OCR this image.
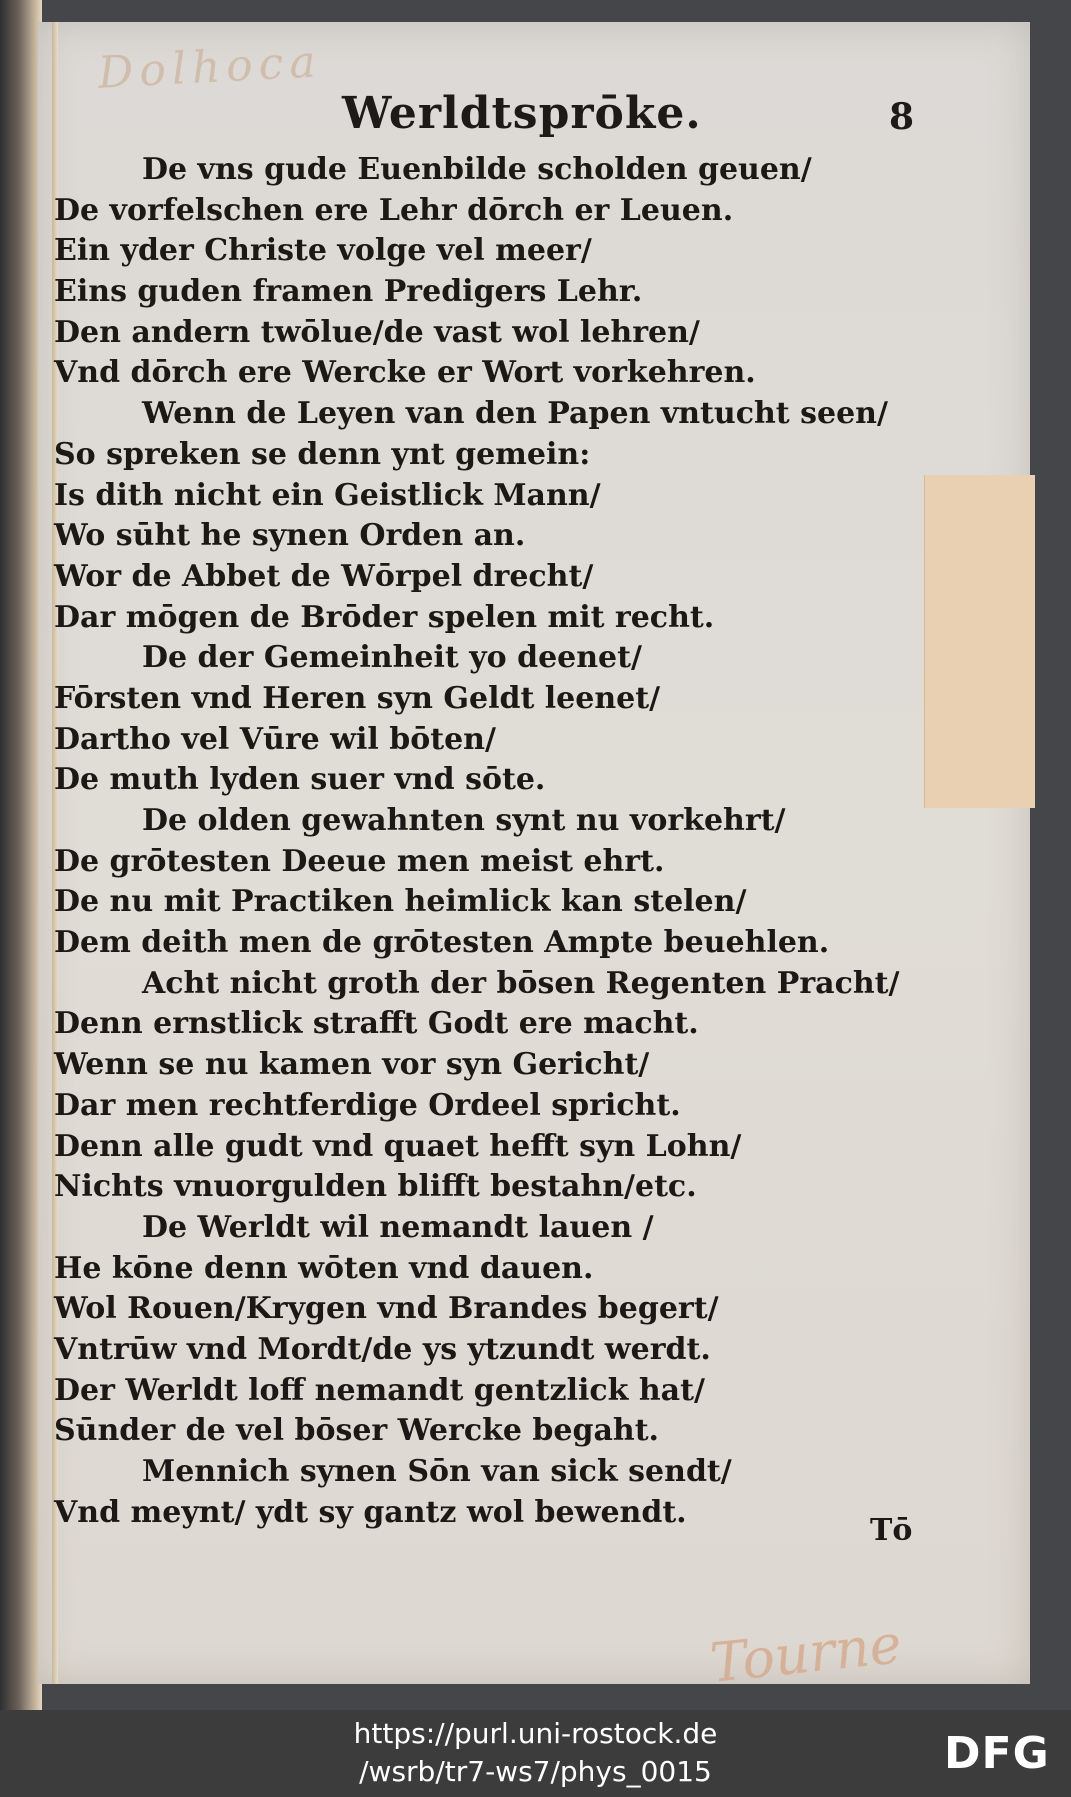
Dolhoca
Tourne
Werldtsprōke.	8
De vns gude Euenbilde scholden geuen/
De vorfelschen ere Lehr dōrch er Leuen.
Ein yder Christe volge vel meer/
Eins guden framen Predigers Lehr.
Den andern twōlue/de vast wol lehren/
Vnd dōrch ere Wercke er Wort vorkehren.
Wenn de Leyen van den Papen vntucht seen/
So spreken se denn ynt gemein:
Is dith nicht ein Geistlick Mann/
Wo sūht he synen Orden an.
Wor de Abbet de Wōrpel drecht/
Dar mōgen de Brōder spelen mit recht.
De der Gemeinheit yo deenet/
Fōrsten vnd Heren syn Geldt leenet/
Dartho vel Vūre wil bōten/
De muth lyden suer vnd sōte.
De olden gewahnten synt nu vorkehrt/
De grōtesten Deeue men meist ehrt.
De nu mit Practiken heimlick kan stelen/
Dem deith men de grōtesten Ampte beuehlen.
Acht nicht groth der bōsen Regenten Pracht/
Denn ernstlick strafft Godt ere macht.
Wenn se nu kamen vor syn Gericht/
Dar men rechtferdige Ordeel spricht.
Denn alle gudt vnd quaet hefft syn Lohn/
Nichts vnuorgulden blifft bestahn/etc.
De Werldt wil nemandt lauen /
He kōne denn wōten vnd dauen.
Wol Rouen/Krygen vnd Brandes begert/
Vntrūw vnd Mordt/de ys ytzundt werdt.
Der Werldt loff nemandt gentzlick hat/
Sūnder de vel bōser Wercke begaht.
Mennich synen Sōn van sick sendt/
Vnd meynt/ ydt sy gantz wol bewendt.
Tō
https://purl.uni-rostock.de
/wsrb/tr7-ws7/phys_0015	DFG
